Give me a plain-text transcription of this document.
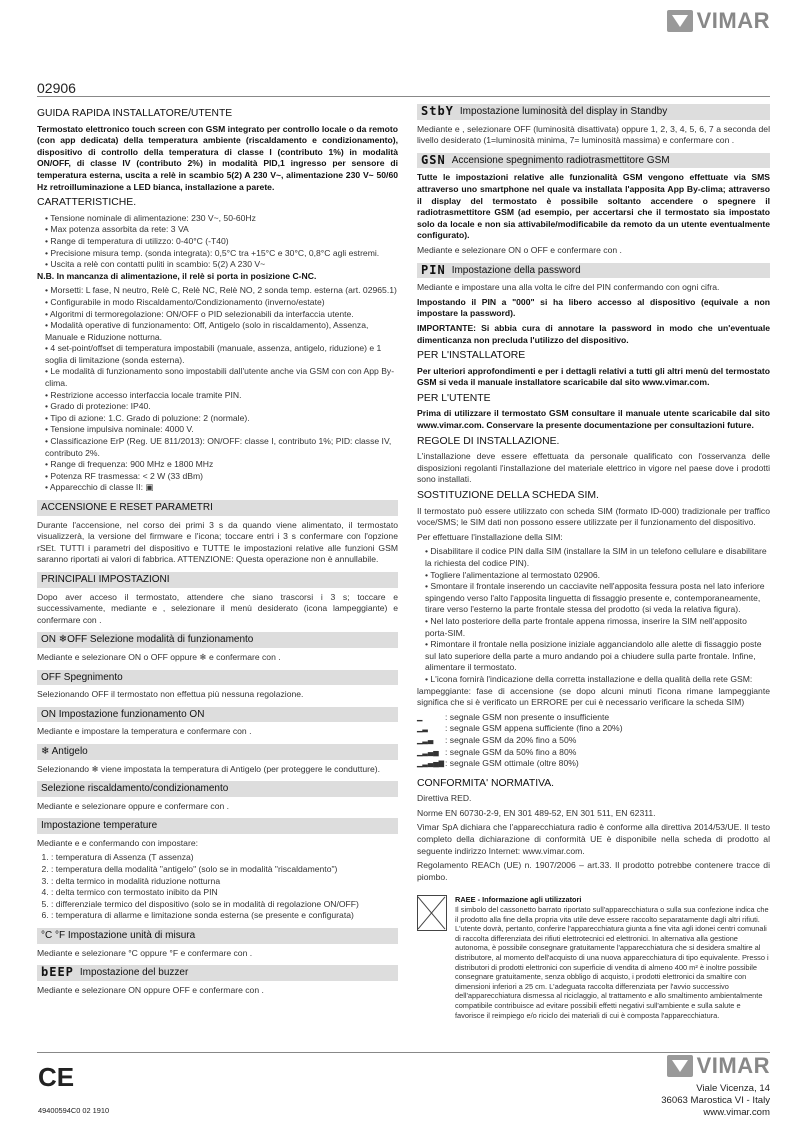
VIMAR
02906
GUIDA RAPIDA INSTALLATORE/UTENTE

Termostato elettronico touch screen con GSM integrato per controllo locale o da remoto (con app dedicata) della temperatura ambiente (riscaldamento e condizionamento), dispositivo di controllo della temperatura di classe I (contributo 1%) in modalità ON/OFF, di classe IV (contributo 2%) in modalità PID,1 ingresso per sensore di temperatura esterna, uscita a relè in scambio 5(2) A 230 V~, alimentazione 230 V~ 50/60 Hz retroilluminazione a LED bianca, installazione a parete.

CARATTERISTICHE.
• Tensione nominale di alimentazione: 230 V~, 50-60Hz
• Max potenza assorbita da rete: 3 VA
• Range di temperatura di utilizzo: 0-40°C (-T40)
• Precisione misura temp. (sonda integrata): 0,5°C tra +15°C e 30°C, 0,8°C agli estremi.
• Uscita a relè con contatti puliti in scambio: 5(2) A 230 V~

N.B. In mancanza di alimentazione, il relè si porta in posizione C-NC.

• Morsetti: L fase, N neutro, Relè C, Relè NC, Relè NO, 2 sonda temp. esterna (art. 02965.1)
• Configurabile in modo Riscaldamento/Condizionamento (inverno/estate)
• Algoritmi di termoregolazione: ON/OFF o PID selezionabili da interfaccia utente.
• Modalità operative di funzionamento: Off, Antigelo (solo in riscaldamento), Assenza, Manuale e Riduzione notturna.
• 4 set-point/offset di temperatura impostabili (manuale, assenza, antigelo, riduzione) e 1 soglia di limitazione (sonda esterna).
• Le modalità di funzionamento sono impostabili dall'utente anche via GSM con con App By-clima.
• Restrizione accesso interfaccia locale tramite PIN.
• Grado di protezione: IP40.
• Tipo di azione: 1.C. Grado di poluzione: 2 (normale).
• Tensione impulsiva nominale: 4000 V.
• Classificazione ErP (Reg. UE 811/2013): ON/OFF: classe I, contributo 1%; PID: classe IV, contributo 2%.
• Range di frequenza: 900 MHz e 1800 MHz
• Potenza RF trasmessa: < 2 W (33 dBm)
• Apparecchio di classe II: ▣
ACCENSIONE E RESET PARAMETRI

Durante l'accensione, nel corso dei primi 3 s da quando viene alimentato, il termostato visualizzerà, la versione del firmware e l'icona; toccare entri i 3 s confermare con l'opzione rSEt. TUTTI i parametri del dispositivo e TUTTE le impostazioni relative alle funzioni GSM saranno riportati ai valori di fabbrica. ATTENZIONE: Questa operazione non è annullabile.

PRINCIPALI IMPOSTAZIONI

Dopo aver acceso il termostato, attendere che siano trascorsi i 3 s; toccare e successivamente, mediante e , selezionare il menù desiderato (icona lampeggiante) e confermare con .

ON ❄OFF Selezione modalità di funzionamento

Mediante e selezionare ON o OFF oppure ❄ e confermare con .

OFF Spegnimento

Selezionando OFF il termostato non effettua più nessuna regolazione.

ON Impostazione funzionamento ON

Mediante e impostare la temperatura e confermare con .

❄ Antigelo

Selezionando ❄ viene impostata la temperatura di Antigelo (per proteggere le condutture).

Selezione riscaldamento/condizionamento

Mediante e selezionare oppure e confermare con .

Impostazione temperature

Mediante e e confermando con impostare:

1. : temperatura di Assenza (T assenza)
2. : temperatura della modalità "antigelo" (solo se in modalità "riscaldamento")
3. : delta termico in modalità riduzione notturna
4. : delta termico con termostato inibito da PIN
5. : differenziale termico del dispositivo (solo se in modalità di regolazione ON/OFF)
6. : temperatura di allarme e limitazione sonda esterna (se presente e configurata)
°C °F Impostazione unità di misura

Mediante e selezionare °C oppure °F e confermare con .

bEEP Impostazione del buzzer

Mediante e selezionare ON oppure OFF e confermare con .

StbY Impostazione luminosità del display in Standby

Mediante e , selezionare OFF (luminosità disattivata) oppure 1, 2, 3, 4, 5, 6, 7 a seconda del livello desiderato (1=luminosità minima, 7= luminosità massima) e confermare con .

GSN Accensione spegnimento radiotrasmettitore GSM

Tutte le impostazioni relative alle funzionalità GSM vengono effettuate via SMS attraverso uno smartphone nel quale va installata l'apposita App By-clima; attraverso il display del termostato è possibile soltanto accendere o spegnere il radiotrasmettitore GSM (ad esempio, per accertarsi che il termostato sia impostato solo da locale e non sia attivabile/modificabile da remoto da un utente eventualmente configurato).

Mediante e selezionare ON o OFF e confermare con .

PIN Impostazione della password

Mediante e impostare una alla volta le cifre del PIN confermando con ogni cifra.

Impostando il PIN a "000" si ha libero accesso al dispositivo (equivale a non impostare la password).

IMPORTANTE: Si abbia cura di annotare la password in modo che un'eventuale dimenticanza non precluda l'utilizzo del dispositivo.

PER L'INSTALLATORE

Per ulteriori approfondimenti e per i dettagli relativi a tutti gli altri menù del termostato GSM si veda il manuale installatore scaricabile dal sito www.vimar.com.

PER L'UTENTE

Prima di utilizzare il termostato GSM consultare il manuale utente scaricabile dal sito www.vimar.com. Conservare la presente documentazione per consultazioni future.

REGOLE DI INSTALLAZIONE.

L'installazione deve essere effettuata da personale qualificato con l'osservanza delle disposizioni regolanti l'installazione del materiale elettrico in vigore nel paese dove i prodotti sono installati.

SOSTITUZIONE DELLA SCHEDA SIM.

Il termostato può essere utilizzato con scheda SIM (formato ID-000) tradizionale per traffico voce/SMS; le SIM dati non possono essere utilizzate per il funzionamento del dispositivo.

Per effettuare l'installazione della SIM:

• Disabilitare il codice PIN dalla SIM (installare la SIM in un telefono cellulare e disabilitare la richiesta del codice PIN).
• Togliere l'alimentazione al termostato 02906.
• Smontare il frontale inserendo un cacciavite nell'apposita fessura posta nel lato inferiore spingendo verso l'alto l'apposita linguetta di fissaggio presente e, contemporaneamente, tirare verso l'esterno la parte frontale stessa del prodotto (si veda la relativa figura).
• Nel lato posteriore della parte frontale appena rimossa, inserire la SIM nell'apposito porta-SIM.
• Rimontare il frontale nella posizione iniziale agganciandolo alle alette di fissaggio poste sul lato superiore della parte a muro andando poi a chiudere sulla parte frontale. Infine, alimentare il termostato.
• L'icona fornirà l'indicazione della corretta installazione e della qualità della rete GSM:

lampeggiante: fase di accensione (se dopo alcuni minuti l'icona rimane lampeggiante significa che si è verificato un ERRORE per cui è necessario verificare la scheda SIM)

▁	: segnale GSM non presente o insufficiente
▁▂	: segnale GSM appena sufficiente (fino a 20%)
▁▂▃	: segnale GSM da 20% fino a 50%
▁▂▃▄ : segnale GSM da 50% fino a 80%
▁▂▃▄▅ : segnale GSM ottimale (oltre 80%)
CONFORMITA' NORMATIVA.

Direttiva RED.

Norme EN 60730-2-9, EN 301 489-52, EN 301 511, EN 62311.

Vimar SpA dichiara che l'apparecchiatura radio è conforme alla direttiva 2014/53/UE. Il testo completo della dichiarazione di conformità UE è disponibile nella scheda di prodotto al seguente indirizzo Internet: www.vimar.com.

Regolamento REACh (UE) n. 1907/2006 – art.33. Il prodotto potrebbe contenere tracce di piombo.

RAEE - Informazione agli utilizzatori
Il simbolo del cassonetto barrato riportato sull'apparecchiatura o sulla sua confezione indica che il prodotto alla fine della propria vita utile deve essere raccolto separatamente dagli altri rifiuti. L'utente dovrà, pertanto, conferire l'apparecchiatura giunta a fine vita agli idonei centri comunali di raccolta differenziata dei rifiuti elettrotecnici ed elettronici. In alternativa alla gestione autonoma, è possibile consegnare gratuitamente l'apparecchiatura che si desidera smaltire al distributore, al momento dell'acquisto di una nuova apparecchiatura di tipo equivalente. Presso i distributori di prodotti elettronici con superficie di vendita di almeno 400 m² è inoltre possibile consegnare gratuitamente, senza obbligo di acquisto, i prodotti elettronici da smaltire con dimensioni inferiori a 25 cm. L'adeguata raccolta differenziata per l'avvio successivo dell'apparecchiatura dismessa al riciclaggio, al trattamento e allo smaltimento ambientalmente compatibile contribuisce ad evitare possibili effetti negativi sull'ambiente e sulla salute e favorisce il reimpiego e/o riciclo dei materiali di cui è composta l'apparecchiatura.
CE	VIMAR
Viale Vicenza, 14
36063 Marostica VI - Italy
www.vimar.com
49400594C0 02 1910
